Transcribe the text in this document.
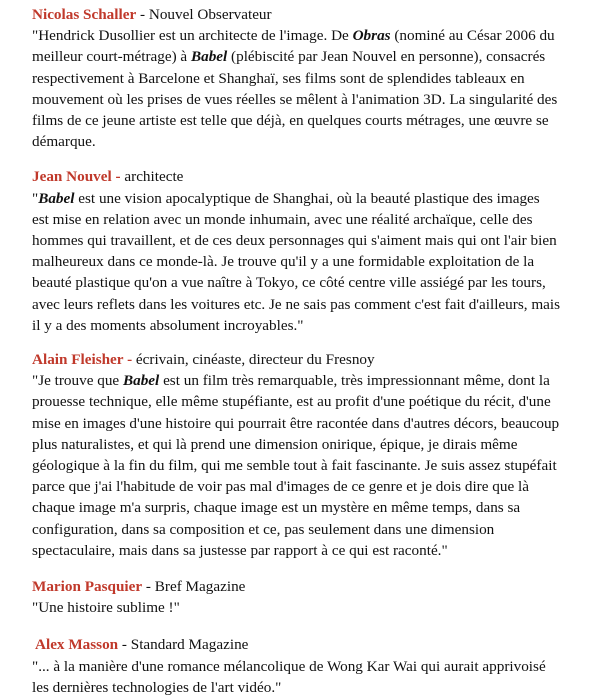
Nicolas Schaller - Nouvel Observateur

"Hendrick Dusollier est un architecte de l'image. De Obras (nominé au César 2006 du meilleur court-métrage) à Babel (plébiscité par Jean Nouvel en personne), consacrés respectivement à Barcelone et Shanghaï, ses films sont de splendides tableaux en mouvement où les prises de vues réelles se mêlent à l'animation 3D. La singularité des films de ce jeune artiste est telle que déjà, en quelques courts métrages, une œuvre se démarque.

Jean Nouvel - architecte

"Babel est une vision apocalyptique de Shanghai, où la beauté plastique des images est mise en relation avec un monde inhumain, avec une réalité archaïque, celle des hommes qui travaillent, et de ces deux personnages qui s'aiment mais qui ont l'air bien malheureux dans ce monde-là. Je trouve qu'il y a une formidable exploitation de la beauté plastique qu'on a vue naître à Tokyo, ce côté centre ville assiégé par les tours, avec leurs reflets dans les voitures etc. Je ne sais pas comment c'est fait d'ailleurs, mais il y a des moments absolument incroyables."

Alain Fleisher - écrivain, cinéaste, directeur du Fresnoy

"Je trouve que Babel est un film très remarquable, très impressionnant même, dont la prouesse technique, elle même stupéfiante, est au profit d'une poétique du récit, d'une mise en images d'une histoire qui pourrait être racontée dans d'autres décors, beaucoup plus naturalistes, et qui là prend une dimension onirique, épique, je dirais même géologique à la fin du film, qui me semble tout à fait fascinante. Je suis assez stupéfait parce que j'ai l'habitude de voir pas mal d'images de ce genre et je dois dire que là chaque image m'a surpris, chaque image est un mystère en même temps, dans sa configuration, dans sa composition et ce, pas seulement dans une dimension spectaculaire, mais dans sa justesse par rapport à ce qui est raconté."

Marion Pasquier - Bref Magazine

"Une histoire sublime !"

Alex Masson - Standard Magazine

"... à la manière d'une romance mélancolique de Wong Kar Wai qui aurait apprivoisé les dernières technologies de l'art vidéo."
